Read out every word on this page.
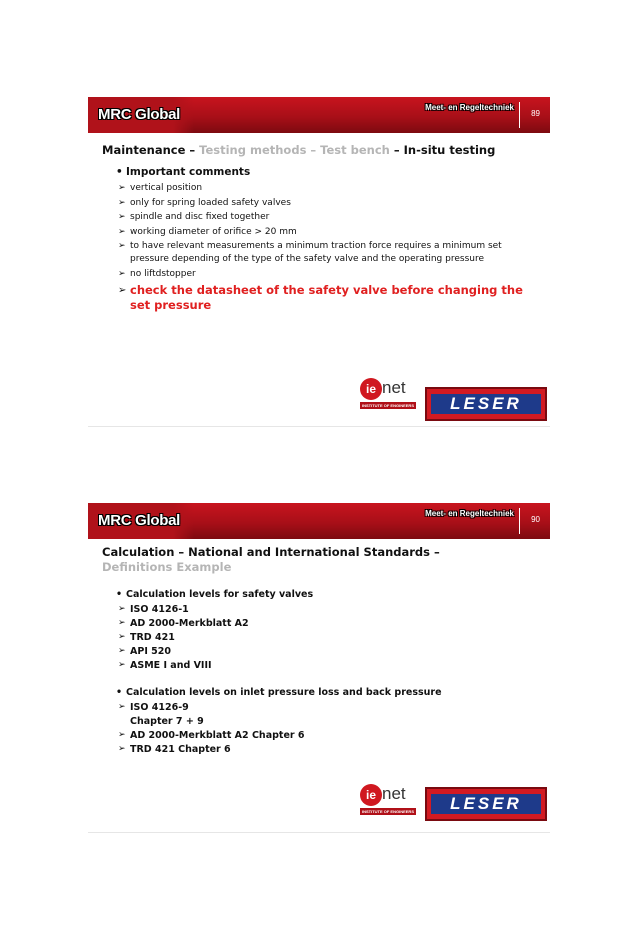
MRC Global	Meet- en Regeltechniek
89
Maintenance – Testing methods – Test bench – In-situ testing
• Important comments
➢ vertical position
➢ only for spring loaded safety valves
➢ spindle and disc fixed together
➢ working diameter of orifice > 20 mm
➢ to have relevant measurements a minimum traction force requires a minimum set pressure depending of the type of the safety valve and the operating pressure
➢ no liftdstopper
➢ check the datasheet of the safety valve before changing the set pressure
ie net
INSTITUTE OF ENGINEERS	LESER
MRC Global	Meet- en Regeltechniek
90
Calculation – National and International Standards – Definitions Example
• Calculation levels for safety valves
➢ ISO 4126-1
➢ AD 2000-Merkblatt A2
➢ TRD 421
➢ API 520
➢ ASME I and VIII
• Calculation levels on inlet pressure loss and back pressure
➢ ISO 4126-9
Chapter 7 + 9
➢ AD 2000-Merkblatt A2 Chapter 6
➢ TRD 421 Chapter 6
ie net
INSTITUTE OF ENGINEERS	LESER
